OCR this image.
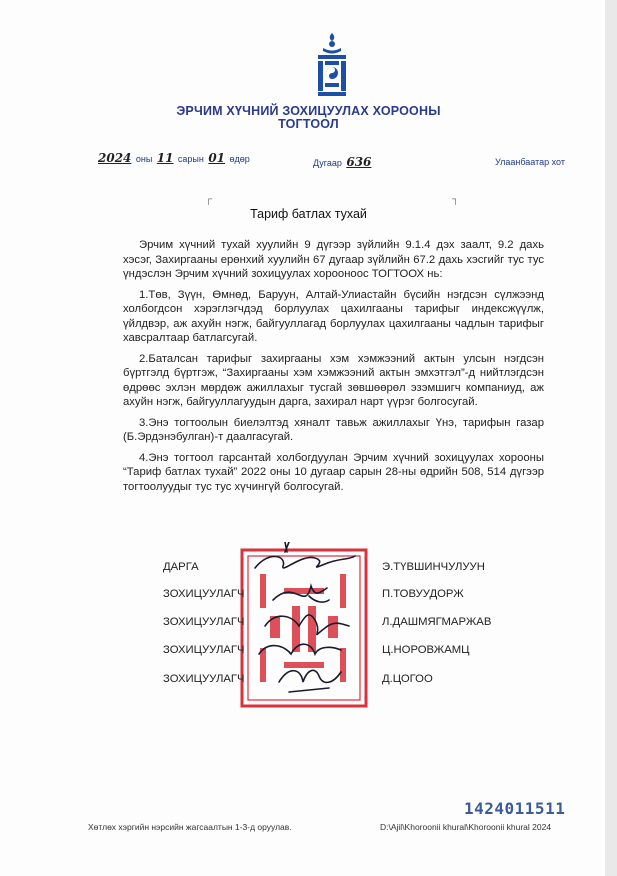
ЭРЧИМ ХҮЧНИЙ ЗОХИЦУУЛАХ ХОРООНЫ
ТОГТООЛ
2024 оны 11 сарын 01 өдөр	Дугаар 636	Улаанбаатар хот
┌	┐
Тариф батлах тухай

Эрчим хүчний тухай хуулийн 9 дүгээр зүйлийн 9.1.4 дэх заалт, 9.2 дахь хэсэг, Захиргааны ерөнхий хуулийн 67 дугаар зүйлийн 67.2 дахь хэсгийг тус тус үндэслэн Эрчим хүчний зохицуулах хорооноос ТОГТООХ нь:

1.Төв, Зүүн, Өмнөд, Баруун, Алтай-Улиастайн бүсийн нэгдсэн сүлжээнд холбогдсон хэрэглэгчдэд борлуулах цахилгааны тарифыг индексжүүлж, үйлдвэр, аж ахуйн нэгж, байгууллагад борлуулах цахилгааны чадлын тарифыг хавсралтаар батлагсугай.

2.Баталсан тарифыг захиргааны хэм хэмжээний актын улсын нэгдсэн бүртгэлд бүртгэж, “Захиргааны хэм хэмжээний актын эмхэтгэл”-д нийтлэгдсэн өдрөөс эхлэн мөрдөж ажиллахыг тусгай зөвшөөрөл эзэмшигч компаниуд, аж ахуйн нэгж, байгууллагуудын дарга, захирал нарт үүрэг болгосугай.

3.Энэ тогтоолын биелэлтэд хяналт тавьж ажиллахыг Үнэ, тарифын газар (Б.Эрдэнэбулган)-т даалгасугай.

4.Энэ тогтоол гарсантай холбогдуулан Эрчим хүчний зохицуулах хорооны “Тариф батлах тухай” 2022 оны 10 дугаар сарын 28-ны өдрийн 508, 514 дүгээр тогтоолуудыг тус тус хүчингүй болгосугай.

ДАРГА	Э.ТҮВШИНЧУЛУУН
ЗОХИЦУУЛАГЧ	П.ТОВУУДОРЖ
ЗОХИЦУУЛАГЧ	Л.ДАШМЯГМАРЖАВ
ЗОХИЦУУЛАГЧ	Ц.НОРОВЖАМЦ
ЗОХИЦУУЛАГЧ	Д.ЦОГОО
1424011511
Хөтлөх хэргийн нэрсийн жагсаалтын 1-3-д оруулав.	D:\Ajil\Khoroonii khural\Khoroonii khural 2024
